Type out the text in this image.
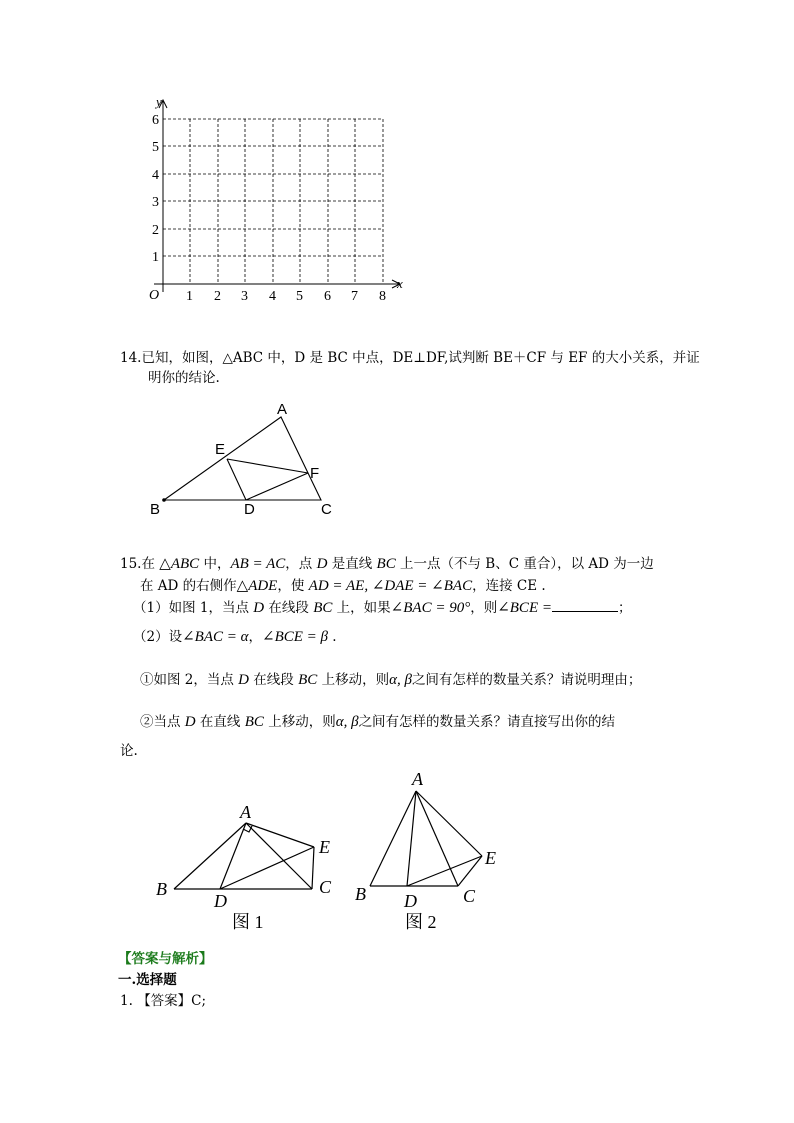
y
x
O 1 2 3 4 5 6 7 8
1
2
3
4
5
6
14.已知，如图，△ABC 中，D 是 BC 中点，DE⊥DF,试判断 BE＋CF 与 EF 的大小关系，并证
明你的结论.
A
B	C
D
E
F
15.在 △ABC 中，AB = AC，点 D 是直线 BC 上一点（不与 B、C 重合），以 AD 为一边
在 AD 的右侧作△ADE，使 AD = AE, ∠DAE = ∠BAC，连接 CE .
（1）如图 1，当点 D 在线段 BC 上，如果∠BAC = 90°，则∠BCE =	；
（2）设∠BAC = α，∠BCE = β .
①如图 2，当点 D 在线段 BC 上移动，则α, β之间有怎样的数量关系？请说明理由；
②当点 D 在直线 BC 上移动，则α, β之间有怎样的数量关系？请直接写出你的结
论.
A
B	C
D
E
图 1
A
B	C
D
E
图 2
【答案与解析】
一.选择题
1. 【答案】C;
